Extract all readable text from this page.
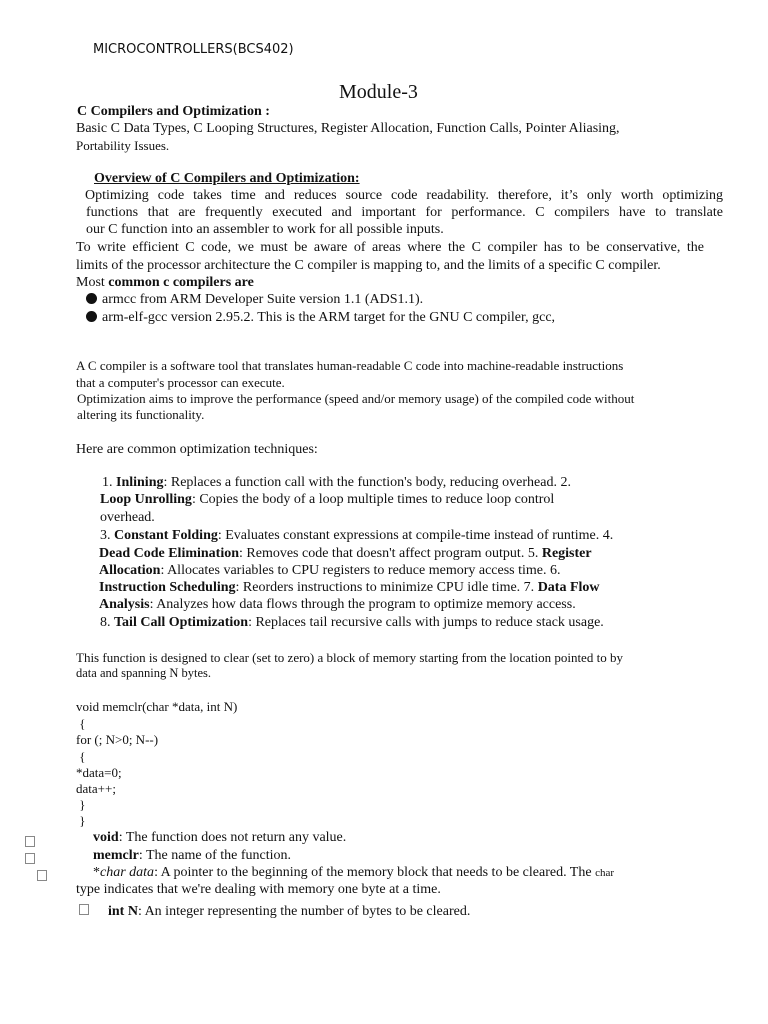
MICROCONTROLLERS(BCS402)
Module-3
C Compilers and Optimization :
Basic C Data Types, C Looping Structures, Register Allocation, Function Calls, Pointer Aliasing,
Portability Issues.
Overview of C Compilers and Optimization:
Optimizing code takes time and reduces source code readability. therefore, it’s only worth optimizing
functions that are frequently executed and important for performance. C compilers have to translate
our C function into an assembler to work for all possible inputs.
To write efficient C code, we must be aware of areas where the C compiler has to be conservative, the
limits of the processor architecture the C compiler is mapping to, and the limits of a specific C compiler.
Most common c compilers are
armcc from ARM Developer Suite version 1.1 (ADS1.1).
arm-elf-gcc version 2.95.2. This is the ARM target for the GNU C compiler, gcc,
A C compiler is a software tool that translates human-readable C code into machine-readable instructions
that a computer's processor can execute.
Optimization aims to improve the performance (speed and/or memory usage) of the compiled code without
altering its functionality.
Here are common optimization techniques:
1. Inlining: Replaces a function call with the function's body, reducing overhead. 2.
Loop Unrolling: Copies the body of a loop multiple times to reduce loop control
overhead.
3. Constant Folding: Evaluates constant expressions at compile-time instead of runtime. 4.
Dead Code Elimination: Removes code that doesn't affect program output. 5. Register
Allocation: Allocates variables to CPU registers to reduce memory access time. 6.
Instruction Scheduling: Reorders instructions to minimize CPU idle time. 7. Data Flow
Analysis: Analyzes how data flows through the program to optimize memory access.
8. Tail Call Optimization: Replaces tail recursive calls with jumps to reduce stack usage.
This function is designed to clear (set to zero) a block of memory starting from the location pointed to by
data and spanning N bytes.
void memclr(char *data, int N)
{
for (; N>0; N--)
{
*data=0;
data++;
}
}
void: The function does not return any value.
memclr: The name of the function.
*char data: A pointer to the beginning of the memory block that needs to be cleared. The char
type indicates that we're dealing with memory one byte at a time.
int N: An integer representing the number of bytes to be cleared.
